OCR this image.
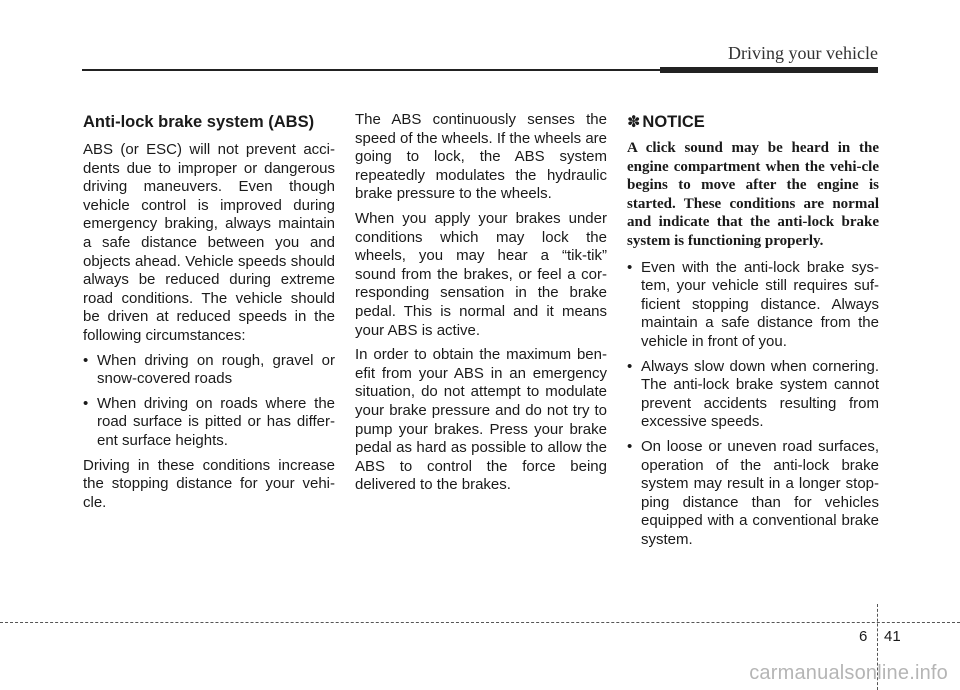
Driving your vehicle
Anti-lock brake system (ABS)

ABS (or ESC) will not prevent acci-dents due to improper or dangerous driving maneuvers. Even though vehicle control is improved during emergency braking, always maintain a safe distance between you and objects ahead. Vehicle speeds should always be reduced during extreme road conditions. The vehicle should be driven at reduced speeds in the following circumstances:

• When driving on rough, gravel or snow-covered roads
• When driving on roads where the road surface is pitted or has differ-ent surface heights.

Driving in these conditions increase the stopping distance for your vehi-cle.

The ABS continuously senses the speed of the wheels. If the wheels are going to lock, the ABS system repeatedly modulates the hydraulic brake pressure to the wheels.

When you apply your brakes under conditions which may lock the wheels, you may hear a “tik-tik” sound from the brakes, or feel a cor-responding sensation in the brake pedal. This is normal and it means your ABS is active.

In order to obtain the maximum ben-efit from your ABS in an emergency situation, do not attempt to modulate your brake pressure and do not try to pump your brakes. Press your brake pedal as hard as possible to allow the ABS to control the force being delivered to the brakes.

✽ NOTICE

A click sound may be heard in the engine compartment when the vehi-cle begins to move after the engine is started. These conditions are normal and indicate that the anti-lock brake system is functioning properly.

• Even with the anti-lock brake sys-tem, your vehicle still requires suf-ficient stopping distance. Always maintain a safe distance from the vehicle in front of you.
• Always slow down when cornering. The anti-lock brake system cannot prevent accidents resulting from excessive speeds.
• On loose or uneven road surfaces, operation of the anti-lock brake system may result in a longer stop-ping distance than for vehicles equipped with a conventional brake system.
6 41
carmanualsonline.info
